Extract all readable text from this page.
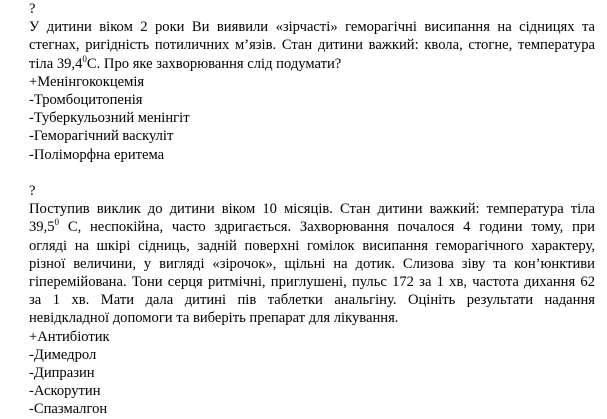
?
У дитини віком 2 роки Ви виявили «зірчасті» геморагічні висипання на сідницях та
стегнах, ригідність потиличних м’язів. Стан дитини важкий: квола, стогне, температура
тіла 39,4$^0$С. Про яке захворювання слід подумати?
+Менінгококцемія
-Тромбоцитопенія
-Туберкульозний менінгіт
-Геморагічний васкуліт
-Поліморфна еритема
?
Поступив виклик до дитини віком 10 місяців. Стан дитини важкий: температура тіла
39,5$^0$ С, неспокійна, часто здригається. Захворювання почалося 4 години тому, при
огляді на шкірі сідниць, задній поверхні гомілок висипання геморагічного характеру,
різної величини, у вигляді «зірочок», щільні на дотик. Слизова зіву та кон’юнктиви
гіперемійована. Тони серця ритмічні, приглушені, пульс 172 за 1 хв, частота дихання 62
за 1 хв. Мати дала дитині пів таблетки анальгіну. Оцініть результати надання
невідкладної допомоги та виберіть препарат для лікування.
+Антибіотик
-Димедрол
-Дипразин
-Аскорутин
-Спазмалгон
